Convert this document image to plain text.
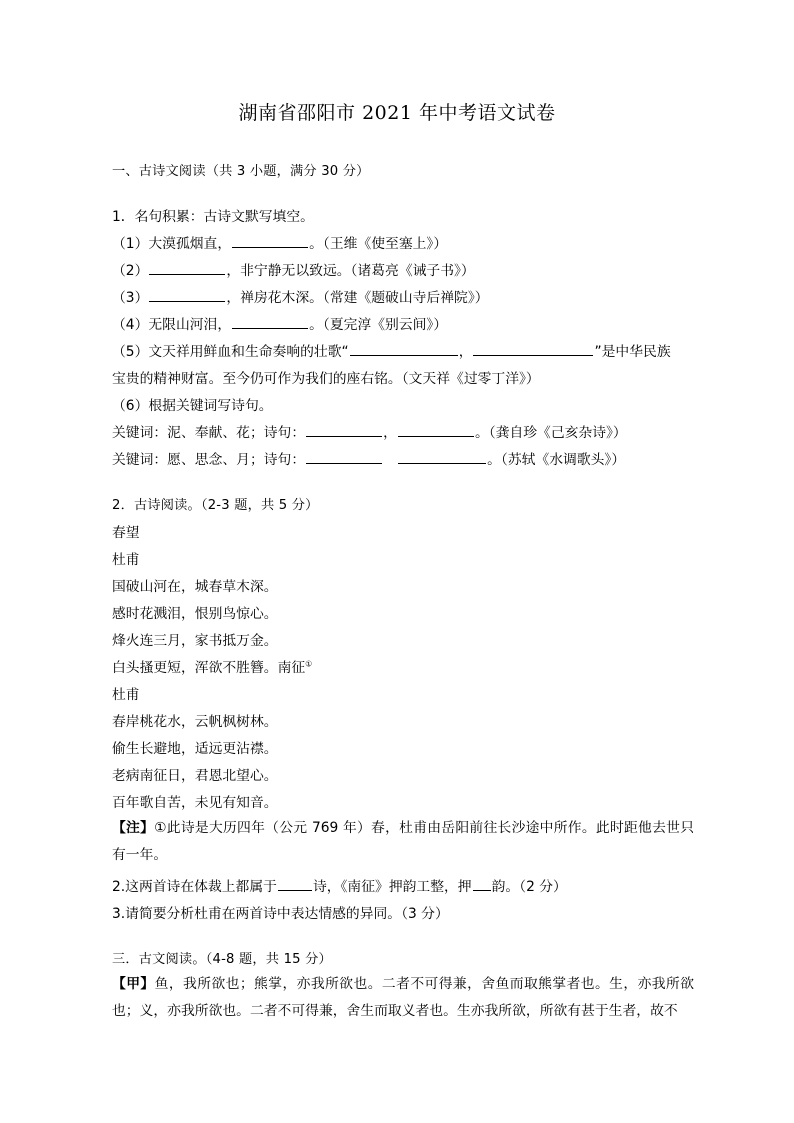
湖南省邵阳市 2021 年中考语文试卷
一、古诗文阅读（共 3 小题，满分 30 分）
1．名句积累：古诗文默写填空。
（1）大漠孤烟直，	。（王维《使至塞上》）
（2）	，非宁静无以致远。（诸葛亮《诫子书》）
（3）	，禅房花木深。（常建《题破山寺后禅院》）
（4）无限山河泪，	。（夏完淳《别云间》）
（5）文天祥用鲜血和生命奏响的壮歌“	，	”是中华民族
宝贵的精神财富。至今仍可作为我们的座右铭。（文天祥《过零丁洋》）
（6）根据关键词写诗句。
关键词：泥、奉献、花；诗句：	，	。（龚自珍《己亥杂诗》）
关键词：愿、思念、月；诗句：	。（苏轼《水调歌头》）
2．古诗阅读。（2-3 题，共 5 分）
春望
杜甫
国破山河在，城春草木深。
感时花溅泪，恨别鸟惊心。
烽火连三月，家书抵万金。
白头搔更短，浑欲不胜簪。南征①
杜甫
春岸桃花水，云帆枫树林。
偷生长避地，适远更沾襟。
老病南征日，君恩北望心。
百年歌自苦，未见有知音。
【注】①此诗是大历四年（公元 769 年）春，杜甫由岳阳前往长沙途中所作。此时距他去世只有一年。
2.这两首诗在体裁上都属于	诗，《南征》押韵工整，押 韵。（2 分）
3.请简要分析杜甫在两首诗中表达情感的异同。（3 分）
三．古文阅读。（4-8 题，共 15 分）
【甲】鱼，我所欲也；熊掌，亦我所欲也。二者不可得兼，舍鱼而取熊掌者也。生，亦我所欲也；义，亦我所欲也。二者不可得兼，舍生而取义者也。生亦我所欲，所欲有甚于生者，故不
